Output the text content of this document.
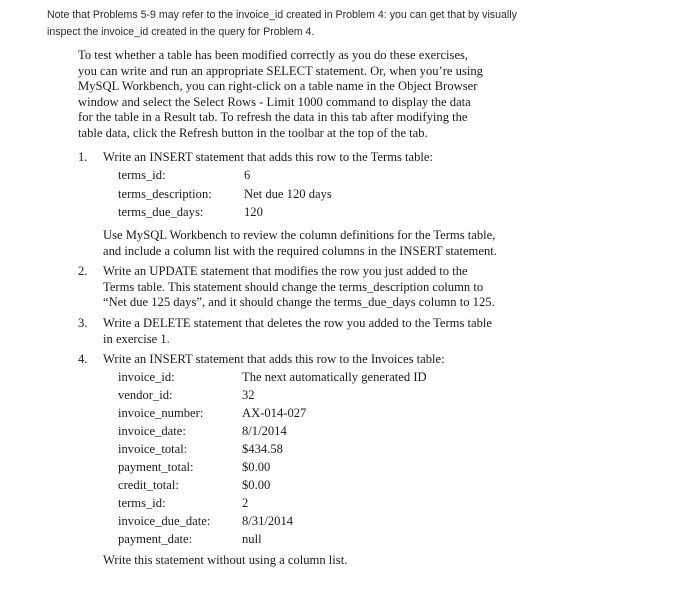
Note that Problems 5-9 may refer to the invoice_id created in Problem 4: you can get that by visually
inspect the invoice_id created in the query for Problem 4.
To test whether a table has been modified correctly as you do these exercises,
you can write and run an appropriate SELECT statement. Or, when you’re using
MySQL Workbench, you can right-click on a table name in the Object Browser
window and select the Select Rows - Limit 1000 command to display the data
for the table in a Result tab. To refresh the data in this tab after modifying the
table data, click the Refresh button in the toolbar at the top of the tab.
1. Write an INSERT statement that adds this row to the Terms table:
terms_id:	6
terms_description:	Net due 120 days
terms_due_days:	120
Use MySQL Workbench to review the column definitions for the Terms table,
and include a column list with the required columns in the INSERT statement.
2. Write an UPDATE statement that modifies the row you just added to the
Terms table. This statement should change the terms_description column to
“Net due 125 days”, and it should change the terms_due_days column to 125.
3. Write a DELETE statement that deletes the row you added to the Terms table
in exercise 1.
4. Write an INSERT statement that adds this row to the Invoices table:
invoice_id:	The next automatically generated ID
vendor_id:	32
invoice_number:	AX-014-027
invoice_date:	8/1/2014
invoice_total:	$434.58
payment_total:	$0.00
credit_total:	$0.00
terms_id:	2
invoice_due_date:	8/31/2014
payment_date:	null
Write this statement without using a column list.
